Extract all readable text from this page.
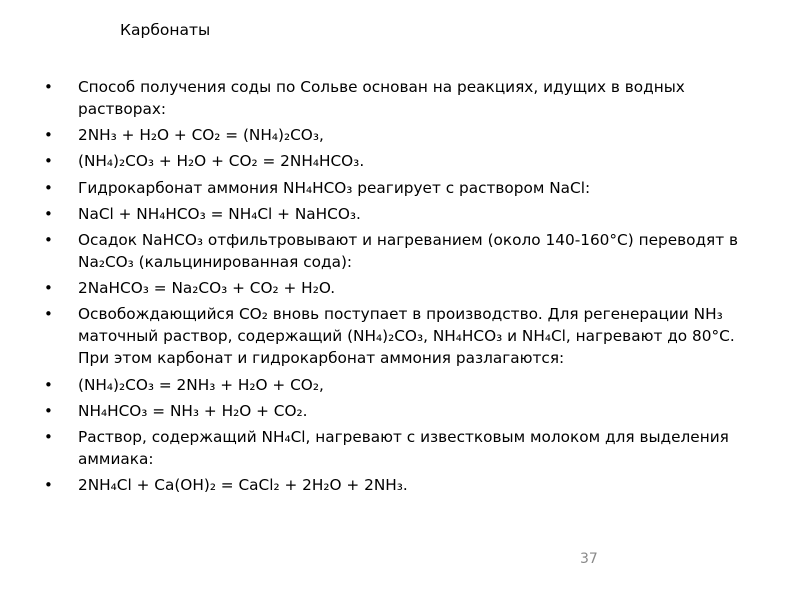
Карбонаты
• Способ получения соды по Сольве основан на реакциях, идущих в водных растворах:
• 2NH₃ + H₂O + CO₂ = (NH₄)₂CO₃,
• (NH₄)₂CO₃ + H₂O + CO₂ = 2NH₄HCO₃.
• Гидрокарбонат аммония NH₄HCO₃ реагирует с раствором NaCl:
• NaCl + NH₄HCO₃ = NH₄Cl + NaHCO₃.
• Осадок NaHCO₃ отфильтровывают и нагреванием (около 140-160°C) переводят в Na₂CO₃ (кальцинированная сода):
• 2NaHCO₃ = Na₂CO₃ + CO₂ + H₂O.
• Освобождающийся CO₂ вновь поступает в производство. Для регенерации NH₃ маточный раствор, содержащий (NH₄)₂CO₃, NH₄HCO₃ и NH₄Cl, нагревают до 80°C. При этом карбонат и гидрокарбонат аммония разлагаются:
• (NH₄)₂CO₃ = 2NH₃ + H₂O + CO₂,
• NH₄HCO₃ = NH₃ + H₂O + CO₂.
• Раствор, содержащий NH₄Cl, нагревают с известковым молоком для выделения аммиака:
• 2NH₄Cl + Ca(OH)₂ = CaCl₂ + 2H₂O + 2NH₃.
37
